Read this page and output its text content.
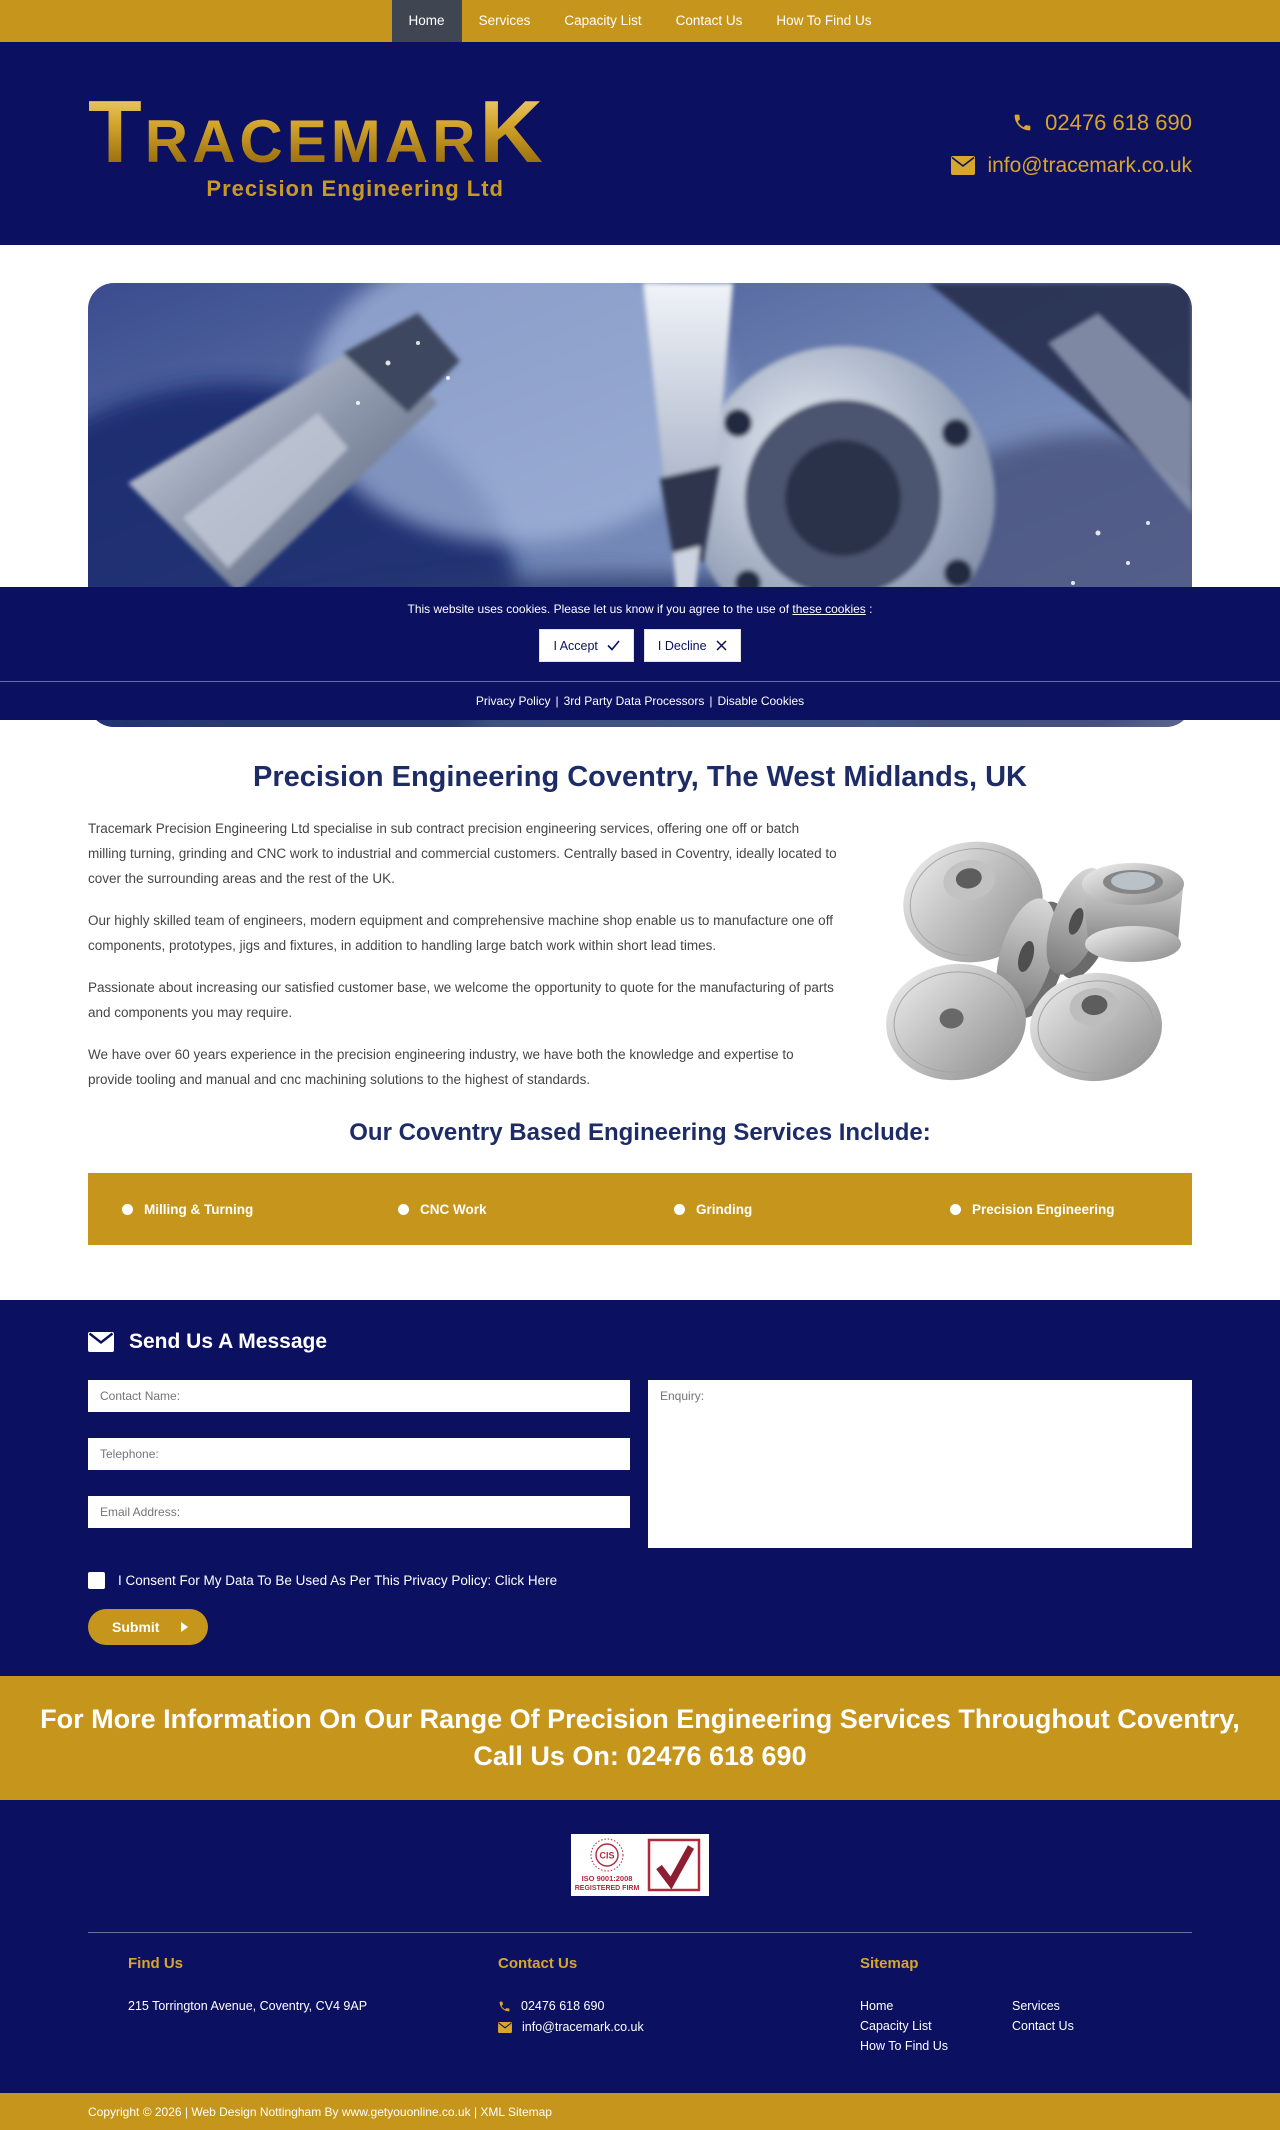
Home	Services	Capacity List	Contact Us	How To Find Us
T RACEMAR K
Precision Engineering Ltd
02476 618 690
info@tracemark.co.uk
Precision Engineering Coventry, The West Midlands, UK

Tracemark Precision Engineering Ltd specialise in sub contract precision engineering services, offering one off or batch milling turning, grinding and CNC work to industrial and commercial customers. Centrally based in Coventry, ideally located to cover the surrounding areas and the rest of the UK.

Our highly skilled team of engineers, modern equipment and comprehensive machine shop enable us to manufacture one off components, prototypes, jigs and fixtures, in addition to handling large batch work within short lead times.

Passionate about increasing our satisfied customer base, we welcome the opportunity to quote for the manufacturing of parts and components you may require.

We have over 60 years experience in the precision engineering industry, we have both the knowledge and expertise to provide tooling and manual and cnc machining solutions to the highest of standards.

Our Coventry Based Engineering Services Include:
Milling & Turning	CNC Work	Grinding	Precision Engineering
Send Us A Message
Contact Name:
Telephone:
Email Address:
Enquiry:
I Consent For My Data To Be Used As Per This Privacy Policy: Click Here
Submit
For More Information On Our Range Of Precision Engineering Services Throughout Coventry,
Call Us On: 02476 618 690
CIS
ISO 9001:2008
REGISTERED FIRM
Find Us
215 Torrington Avenue, Coventry, CV4 9AP
Contact Us
02476 618 690
info@tracemark.co.uk
Sitemap
Home
Capacity List
How To Find Us
Services
Contact Us
Copyright © 2026 | Web Design Nottingham By www.getyouonline.co.uk | XML Sitemap
This website uses cookies. Please let us know if you agree to the use of these cookies :
I Accept	I Decline
Privacy Policy | 3rd Party Data Processors | Disable Cookies
